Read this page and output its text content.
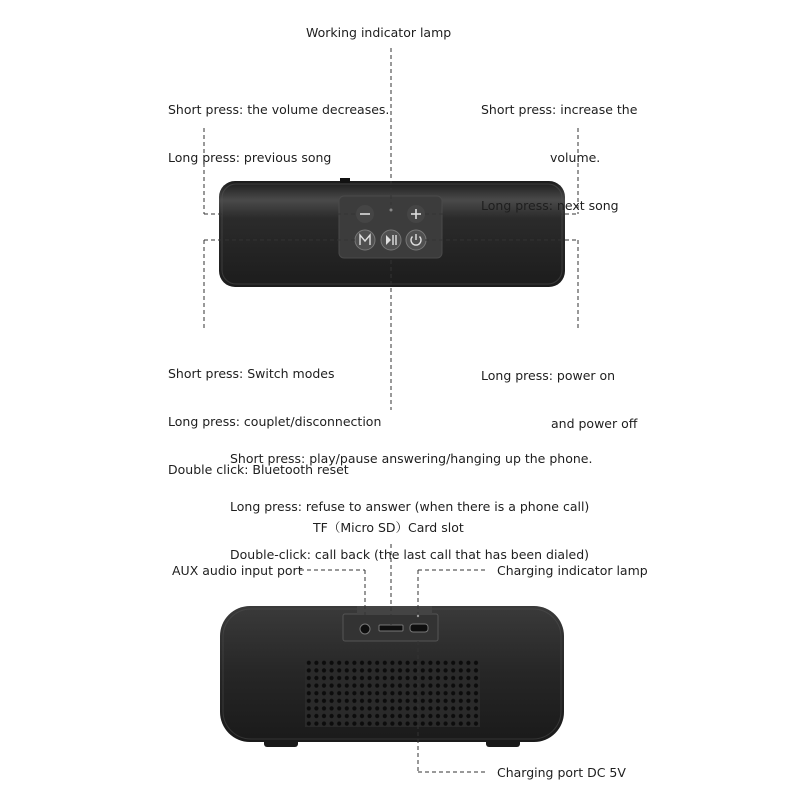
Working indicator lamp

Short press: the volume decreases.

Long press: previous song

Short press: increase the

volume.

Long press: next song

Short press: Switch modes

Long press: couplet/disconnection

Double click: Bluetooth reset

Long press: power on

and power off

Short press: play/pause answering/hanging up the phone.

Long press: refuse to answer (when there is a phone call)

Double-click: call back (the last call that has been dialed)

TF（Micro SD）Card slot
AUX audio input port	Charging indicator lamp
Charging port DC 5V
